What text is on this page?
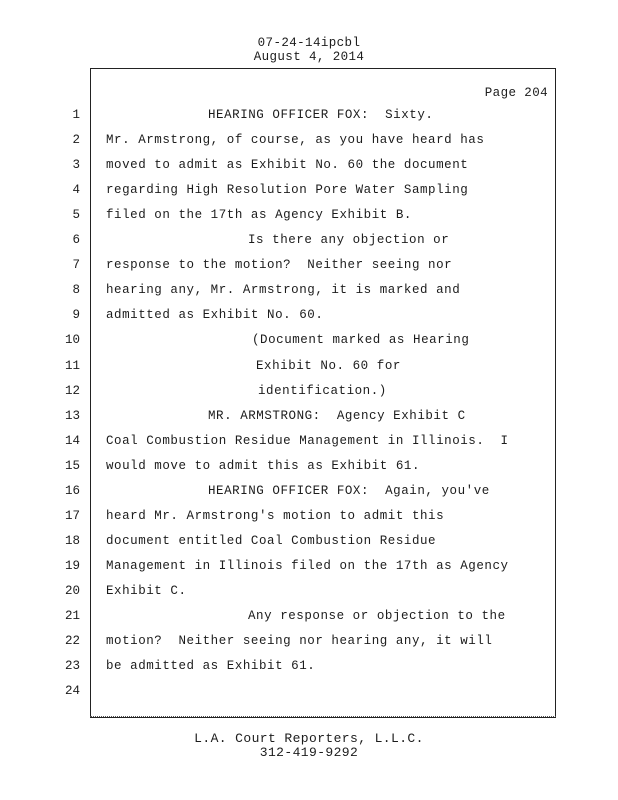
07-24-14ipcbl
August 4, 2014
Page 204
1	HEARING OFFICER FOX:  Sixty.
2 Mr. Armstrong, of course, as you have heard has
3 moved to admit as Exhibit No. 60 the document
4 regarding High Resolution Pore Water Sampling
5 filed on the 17th as Agency Exhibit B.
6	Is there any objection or
7 response to the motion?  Neither seeing nor
8 hearing any, Mr. Armstrong, it is marked and
9 admitted as Exhibit No. 60.
10	(Document marked as Hearing
11	Exhibit No. 60 for
12	identification.)
13	MR. ARMSTRONG:  Agency Exhibit C
14 Coal Combustion Residue Management in Illinois.  I
15 would move to admit this as Exhibit 61.
16	HEARING OFFICER FOX:  Again, you've
17 heard Mr. Armstrong's motion to admit this
18 document entitled Coal Combustion Residue
19 Management in Illinois filed on the 17th as Agency
20 Exhibit C.
21	Any response or objection to the
22 motion?  Neither seeing nor hearing any, it will
23 be admitted as Exhibit 61.
24
L.A. Court Reporters, L.L.C.
312-419-9292
